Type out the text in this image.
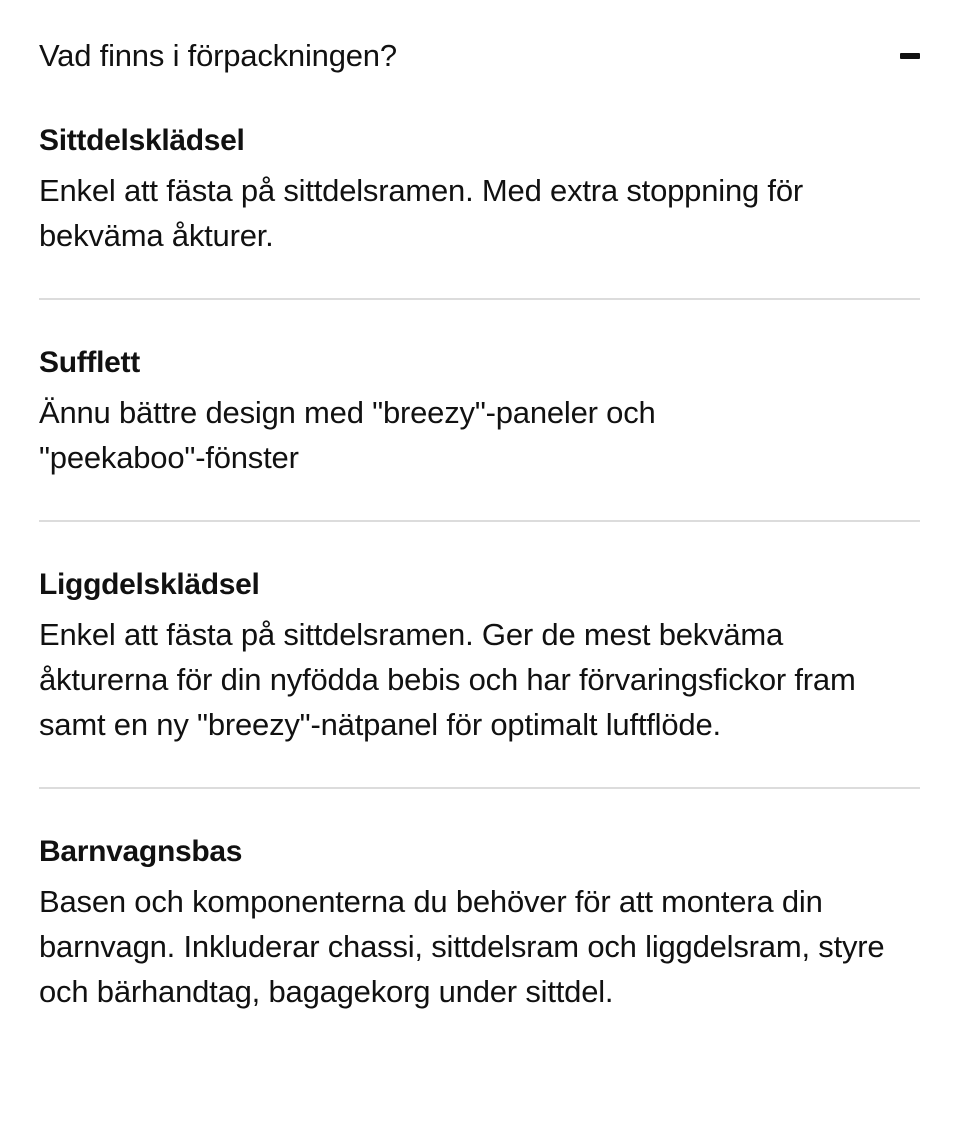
Vad finns i förpackningen?
Sittdelsklädsel

Enkel att fästa på sittdelsramen. Med extra stoppning för bekväma åkturer.

Sufflett

Ännu bättre design med "breezy"-paneler och "peekaboo"-fönster

Liggdelsklädsel

Enkel att fästa på sittdelsramen. Ger de mest bekväma åkturerna för din nyfödda bebis och har förvaringsfickor fram samt en ny "breezy"-nätpanel för optimalt luftflöde.

Barnvagnsbas

Basen och komponenterna du behöver för att montera din barnvagn. Inkluderar chassi, sittdelsram och liggdelsram, styre och bärhandtag, bagagekorg under sittdel.
